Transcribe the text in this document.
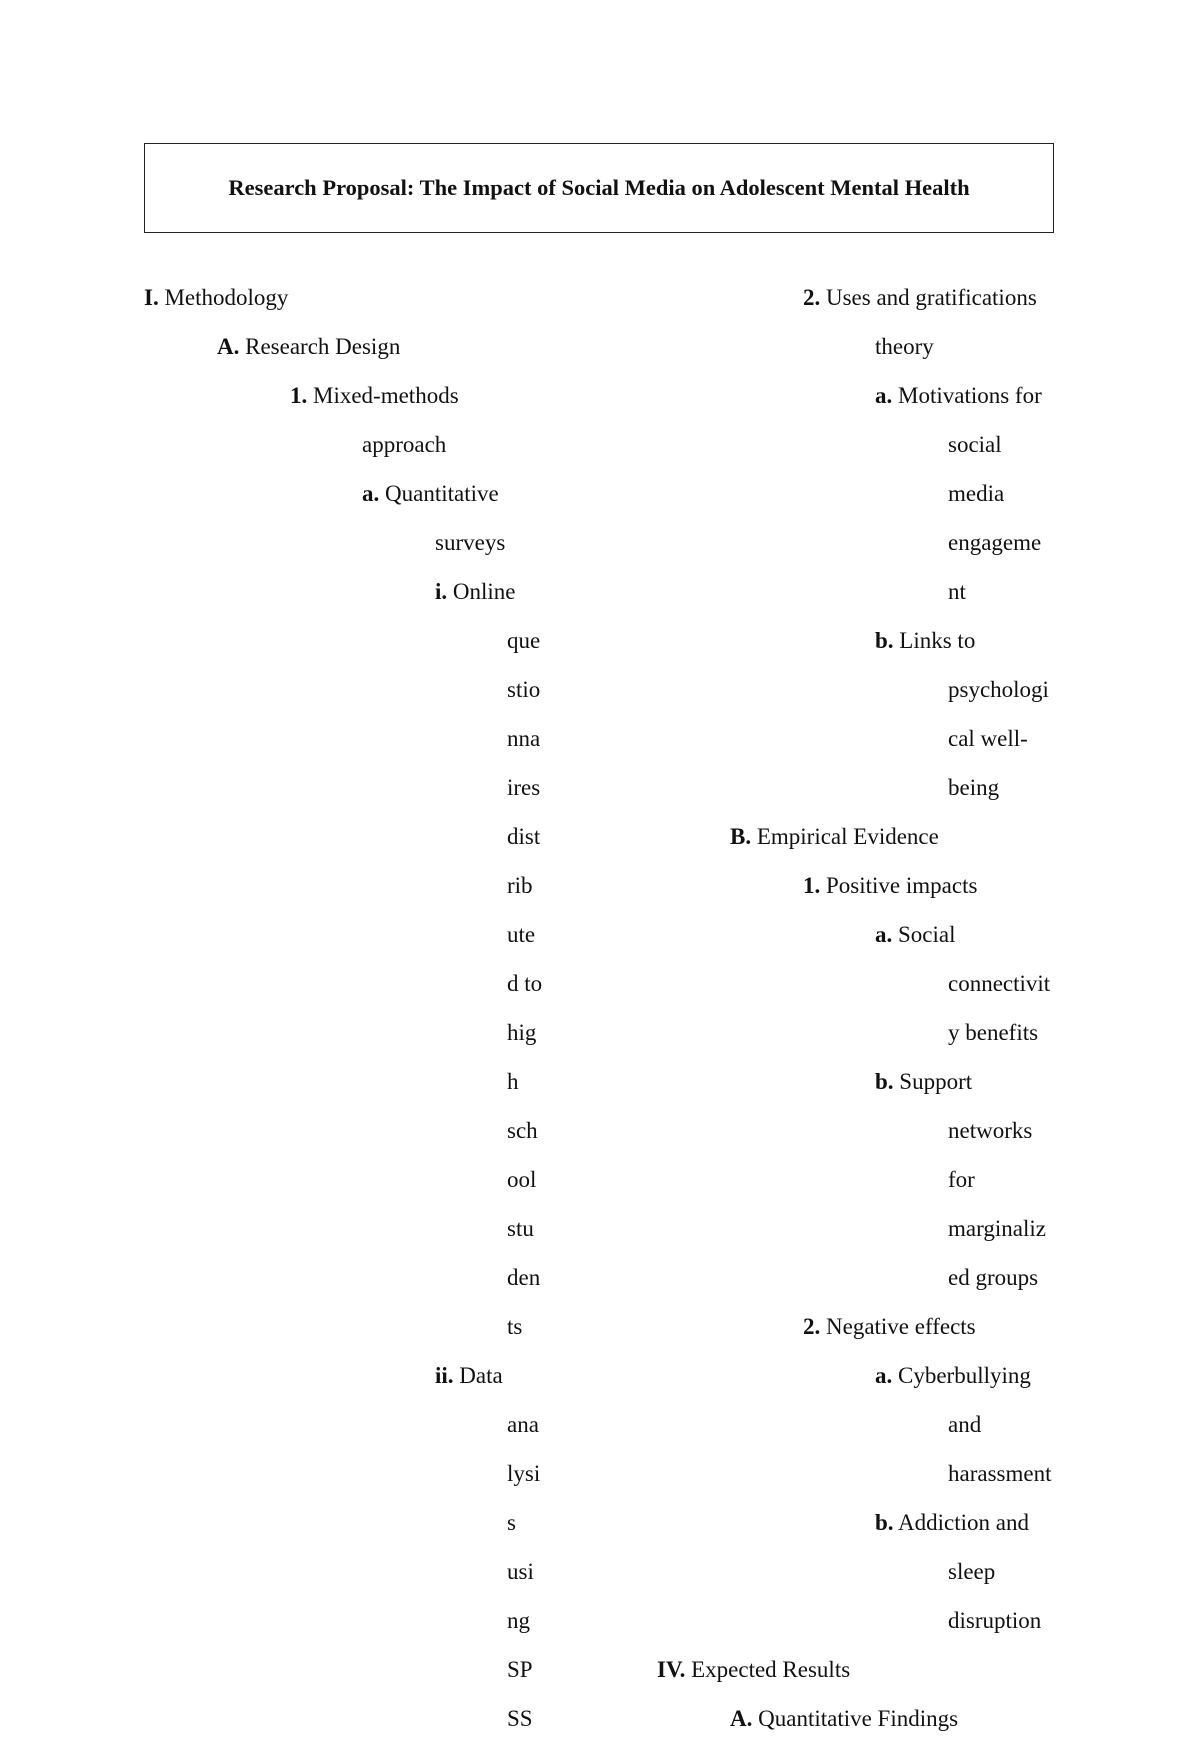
Research Proposal: The Impact of Social Media on Adolescent Mental Health
I. Methodology
A. Research Design
1. Mixed-methods
approach
a. Quantitative
surveys
i. Online
que
stio
nna
ires
dist
rib
ute
d to
hig
h
sch
ool
stu
den
ts
ii. Data
ana
lysi
s
usi
ng
SP
SS
2. Uses and gratifications
theory
a. Motivations for
social
media
engageme
nt
b. Links to
psychologi
cal well-
being
B. Empirical Evidence
1. Positive impacts
a. Social
connectivit
y benefits
b. Support
networks
for
marginaliz
ed groups
2. Negative effects
a. Cyberbullying
and
harassment
b. Addiction and
sleep
disruption
IV. Expected Results
A. Quantitative Findings
